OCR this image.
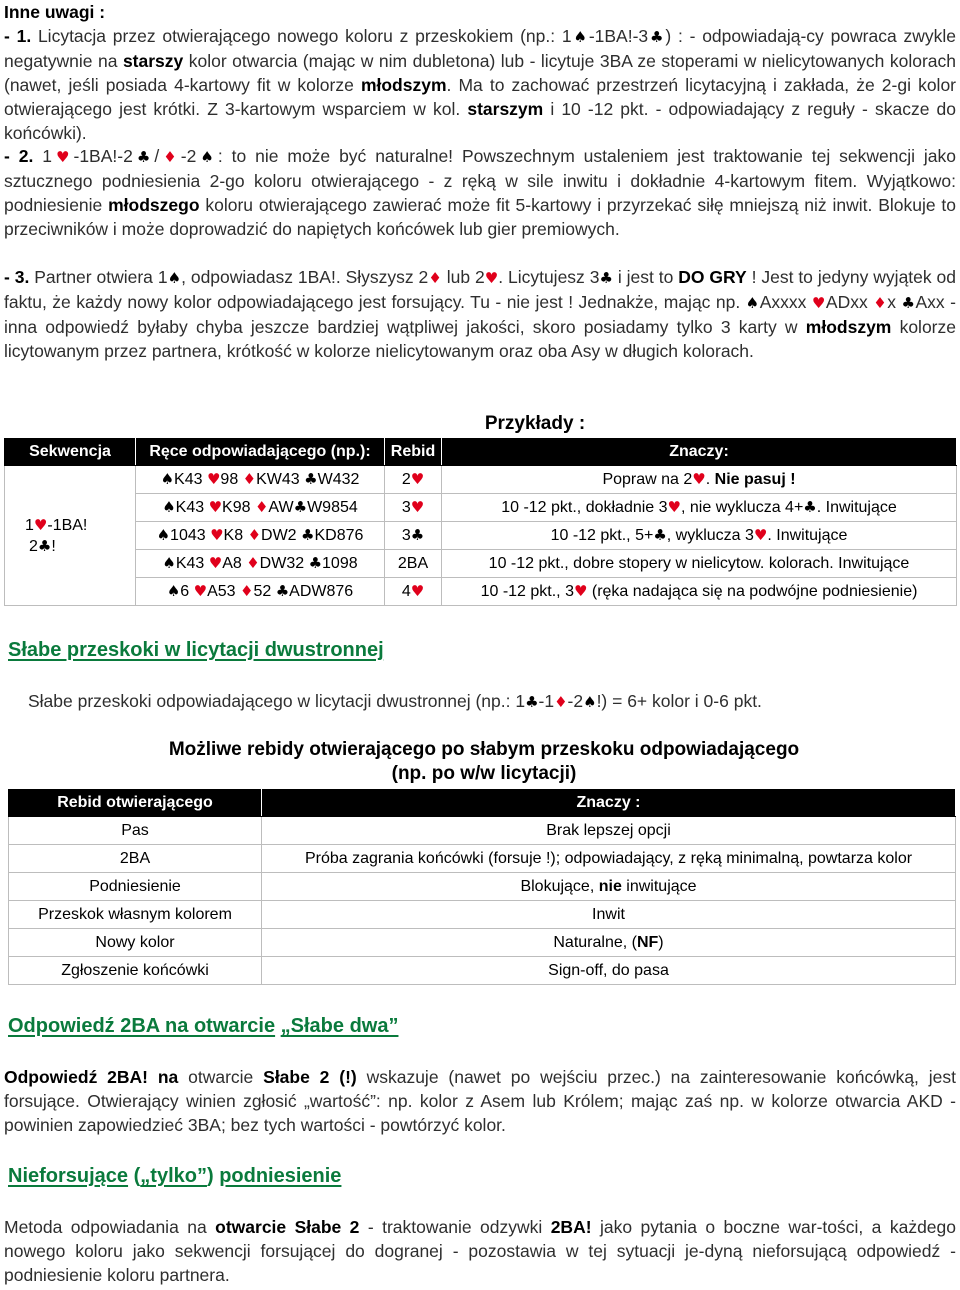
Inne uwagi :
- 1. Licytacja przez otwierającego nowego koloru z przeskokiem (np.: 1♠-1BA!-3♣) : - odpowiadają-cy powraca zwykle negatywnie na starszy kolor otwarcia (mając w nim dubletona) lub - licytuje 3BA ze stoperami w nielicytowanych kolorach (nawet, jeśli posiada 4-kartowy fit w kolorze młodszym. Ma to zachować przestrzeń licytacyjną i zakłada, że 2-gi kolor otwierającego jest krótki. Z 3-kartowym wsparciem w kol. starszym i 10 -12 pkt. - odpowiadający z reguły - skacze do końcówki).
- 2. 1♥-1BA!-2♣/♦-2♠: to nie może być naturalne! Powszechnym ustaleniem jest traktowanie tej sekwencji jako sztucznego podniesienia 2-go koloru otwierającego - z ręką w sile inwitu i dokładnie 4-kartowym fitem. Wyjątkowo: podniesienie młodszego koloru otwierającego zawierać może fit 5-kartowy i przyrzekać siłę mniejszą niż inwit. Blokuje to przeciwników i może doprowadzić do napiętych końcówek lub gier premiowych.
- 3. Partner otwiera 1♠, odpowiadasz 1BA!. Słyszysz 2♦ lub 2♥. Licytujesz 3♣ i jest to DO GRY ! Jest to jedyny wyjątek od faktu, że każdy nowy kolor odpowiadającego jest forsujący. Tu - nie jest ! Jednakże, mając np. ♠Axxxx ♥ADxx ♦x ♣Axx - inna odpowiedź byłaby chyba jeszcze bardziej wątpliwej jakości, skoro posiadamy tylko 3 karty w młodszym kolorze licytowanym przez partnera, krótkość w kolorze nielicytowanym oraz oba Asy w długich kolorach.
Przykłady :
Sekwencja	Ręce odpowiadającego (np.):	Rebid	Znaczy:

1♥-1BA!
2♣!	♠K43 ♥98 ♦KW43 ♣W432	2♥	Popraw na 2♥. Nie pasuj !
	♠K43 ♥K98 ♦AW♣W9854	3♥	10 -12 pkt., dokładnie 3♥, nie wyklucza 4+♣. Inwitujące
	♠1043 ♥K8 ♦DW2 ♣KD876	3♣	10 -12 pkt., 5+♣, wyklucza 3♥. Inwitujące
	♠K43 ♥A8 ♦DW32 ♣1098	2BA	10 -12 pkt., dobre stopery w nielicytow. kolorach. Inwitujące
	♠6 ♥A53 ♦52 ♣ADW876	4♥	10 -12 pkt., 3♥ (ręka nadająca się na podwójne podniesienie)
Słabe przeskoki w licytacji dwustronnej
Słabe przeskoki odpowiadającego w licytacji dwustronnej (np.: 1♣-1♦-2♠!) = 6+ kolor i 0-6 pkt.
Możliwe rebidy otwierającego po słabym przeskoku odpowiadającego
(np. po w/w licytacji)
Rebid otwierającego	Znaczy :
Pas	Brak lepszej opcji
2BA	Próba zagrania końcówki (forsuje !); odpowiadający, z ręką minimalną, powtarza kolor
Podniesienie	Blokujące, nie inwitujące
Przeskok własnym kolorem	Inwit
Nowy kolor	Naturalne, (NF)
Zgłoszenie końcówki	Sign-off, do pasa
Odpowiedź 2BA na otwarcie „Słabe dwa”
Odpowiedź 2BA! na otwarcie Słabe 2 (!) wskazuje (nawet po wejściu przec.) na zainteresowanie końcówką, jest forsujące. Otwierający winien zgłosić „wartość”: np. kolor z Asem lub Królem; mając zaś np. w kolorze otwarcia AKD - powinien zapowiedzieć 3BA; bez tych wartości - powtórzyć kolor.
Nieforsujące („tylko”) podniesienie
Metoda odpowiadania na otwarcie Słabe 2 - traktowanie odzywki 2BA! jako pytania o boczne war-tości, a każdego nowego koloru jako sekwencji forsującej do dogranej - pozostawia w tej sytuacji je-dyną nieforsującą odpowiedź - podniesienie koloru partnera.
